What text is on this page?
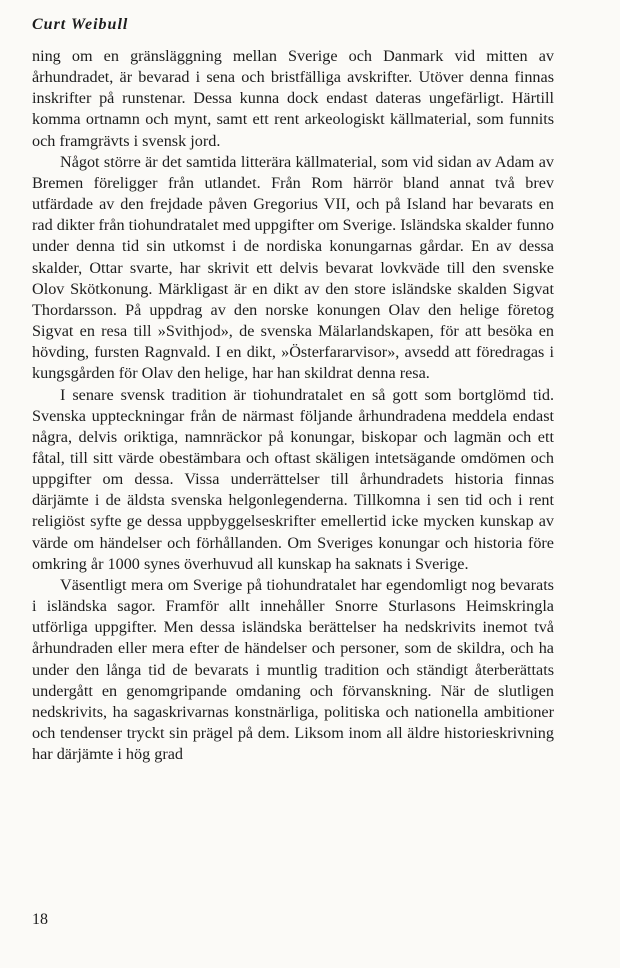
Curt Weibull

ning om en gränsläggning mellan Sverige och Danmark vid mitten av århundradet, är bevarad i sena och bristfälliga avskrifter. Utöver denna finnas inskrifter på runstenar. Dessa kunna dock endast dateras ungefärligt. Härtill komma ortnamn och mynt, samt ett rent arkeologiskt källmaterial, som funnits och framgrävts i svensk jord.

Något större är det samtida litterära källmaterial, som vid sidan av Adam av Bremen föreligger från utlandet. Från Rom härrör bland annat två brev utfärdade av den frejdade påven Gregorius VII, och på Island har bevarats en rad dikter från tiohundratalet med uppgifter om Sverige. Isländska skalder funno under denna tid sin utkomst i de nordiska konungarnas gårdar. En av dessa skalder, Ottar svarte, har skrivit ett delvis bevarat lovkväde till den svenske Olov Skötkonung. Märkligast är en dikt av den store isländske skalden Sigvat Thordarsson. På uppdrag av den norske konungen Olav den helige företog Sigvat en resa till »Svithjod», de svenska Mälarlandskapen, för att besöka en hövding, fursten Ragnvald. I en dikt, »Österfararvisor», avsedd att föredragas i kungsgården för Olav den helige, har han skildrat denna resa.

I senare svensk tradition är tiohundratalet en så gott som bortglömd tid. Svenska uppteckningar från de närmast följande århundradena meddela endast några, delvis oriktiga, namnräckor på konungar, biskopar och lagmän och ett fåtal, till sitt värde obestämbara och oftast skäligen intetsägande omdömen och uppgifter om dessa. Vissa underrättelser till århundradets historia finnas därjämte i de äldsta svenska helgonlegenderna. Tillkomna i sen tid och i rent religiöst syfte ge dessa uppbyggelseskrifter emellertid icke mycken kunskap av värde om händelser och förhållanden. Om Sveriges konungar och historia före omkring år 1000 synes överhuvud all kunskap ha saknats i Sverige.

Väsentligt mera om Sverige på tiohundratalet har egendomligt nog bevarats i isländska sagor. Framför allt innehåller Snorre Sturlasons Heimskringla utförliga uppgifter. Men dessa isländska berättelser ha nedskrivits inemot två århundraden eller mera efter de händelser och personer, som de skildra, och ha under den långa tid de bevarats i muntlig tradition och ständigt återberättats undergått en genomgripande omdaning och förvanskning. När de slutligen nedskrivits, ha sagaskrivarnas konstnärliga, politiska och nationella ambitioner och tendenser tryckt sin prägel på dem. Liksom inom all äldre historieskrivning har därjämte i hög grad

18
